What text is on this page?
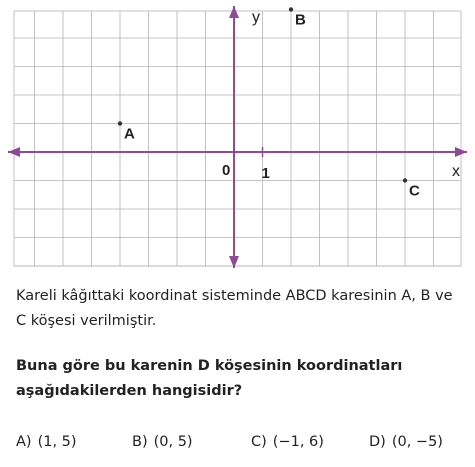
A
B
C
x
y
0 1

Kareli kâğıttaki koordinat sisteminde ABCD karesinin A, B ve C köşesi verilmiştir.

Buna göre bu karenin D köşesinin koordinatları aşağıdakilerden hangisidir?

A) (1, 5)	B) (0, 5)	C) (−1, 6)	D) (0, −5)
